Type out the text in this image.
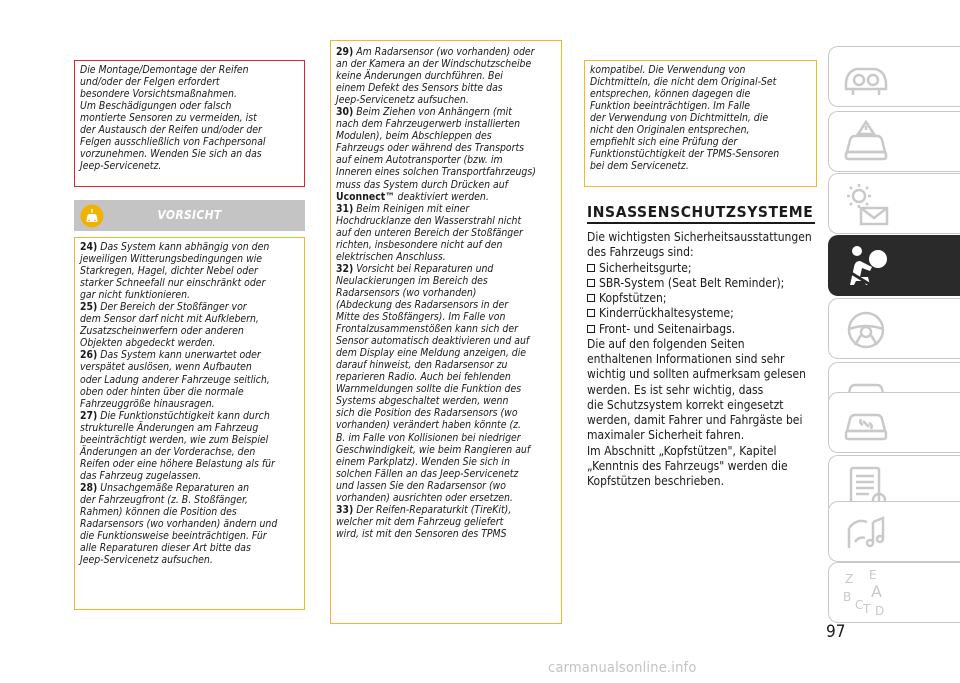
Die Montage/Demontage der Reifen
und/oder der Felgen erfordert
besondere Vorsichtsmaßnahmen.
Um Beschädigungen oder falsch
montierte Sensoren zu vermeiden, ist
der Austausch der Reifen und/oder der
Felgen ausschließlich von Fachpersonal
vorzunehmen. Wenden Sie sich an das
Jeep-Servicenetz.
VORSICHT
24) Das System kann abhängig von den
jeweiligen Witterungsbedingungen wie
Starkregen, Hagel, dichter Nebel oder
starker Schneefall nur einschränkt oder
gar nicht funktionieren.
25) Der Bereich der Stoßfänger vor
dem Sensor darf nicht mit Aufklebern,
Zusatzscheinwerfern oder anderen
Objekten abgedeckt werden.
26) Das System kann unerwartet oder
verspätet auslösen, wenn Aufbauten
oder Ladung anderer Fahrzeuge seitlich,
oben oder hinten über die normale
Fahrzeuggröße hinausragen.
27) Die Funktionstüchtigkeit kann durch
strukturelle Änderungen am Fahrzeug
beeinträchtigt werden, wie zum Beispiel
Änderungen an der Vorderachse, den
Reifen oder eine höhere Belastung als für
das Fahrzeug zugelassen.
28) Unsachgemäße Reparaturen an
der Fahrzeugfront (z. B. Stoßfänger,
Rahmen) können die Position des
Radarsensors (wo vorhanden) ändern und
die Funktionsweise beeinträchtigen. Für
alle Reparaturen dieser Art bitte das
Jeep-Servicenetz aufsuchen.
29) Am Radarsensor (wo vorhanden) oder
an der Kamera an der Windschutzscheibe
keine Änderungen durchführen. Bei
einem Defekt des Sensors bitte das
Jeep-Servicenetz aufsuchen.
30) Beim Ziehen von Anhängern (mit
nach dem Fahrzeugerwerb installierten
Modulen), beim Abschleppen des
Fahrzeugs oder während des Transports
auf einem Autotransporter (bzw. im
Inneren eines solchen Transportfahrzeugs)
muss das System durch Drücken auf
Uconnect™ deaktiviert werden.
31) Beim Reinigen mit einer
Hochdrucklanze den Wasserstrahl nicht
auf den unteren Bereich der Stoßfänger
richten, insbesondere nicht auf den
elektrischen Anschluss.
32) Vorsicht bei Reparaturen und
Neulackierungen im Bereich des
Radarsensors (wo vorhanden)
(Abdeckung des Radarsensors in der
Mitte des Stoßfängers). Im Falle von
Frontalzusammenstößen kann sich der
Sensor automatisch deaktivieren und auf
dem Display eine Meldung anzeigen, die
darauf hinweist, den Radarsensor zu
reparieren Radio. Auch bei fehlenden
Warnmeldungen sollte die Funktion des
Systems abgeschaltet werden, wenn
sich die Position des Radarsensors (wo
vorhanden) verändert haben könnte (z.
B. im Falle von Kollisionen bei niedriger
Geschwindigkeit, wie beim Rangieren auf
einem Parkplatz). Wenden Sie sich in
solchen Fällen an das Jeep-Servicenetz
und lassen Sie den Radarsensor (wo
vorhanden) ausrichten oder ersetzen.
33) Der Reifen-Reparaturkit (TireKit),
welcher mit dem Fahrzeug geliefert
wird, ist mit den Sensoren des TPMS
kompatibel. Die Verwendung von
Dichtmitteln, die nicht dem Original-Set
entsprechen, können dagegen die
Funktion beeinträchtigen. Im Falle
der Verwendung von Dichtmitteln, die
nicht den Originalen entsprechen,
empfiehlt sich eine Prüfung der
Funktionstüchtigkeit der TPMS-Sensoren
bei dem Servicenetz.
INSASSENSCHUTZSYSTEME
Die wichtigsten Sicherheitsausstattungen
des Fahrzeugs sind:
Sicherheitsgurte;
SBR-System (Seat Belt Reminder);
Kopfstützen;
Kinderrückhaltesysteme;
Front- und Seitenairbags.
Die auf den folgenden Seiten
enthaltenen Informationen sind sehr
wichtig und sollten aufmerksam gelesen
werden. Es ist sehr wichtig, dass
die Schutzsystem korrekt eingesetzt
werden, damit Fahrer und Fahrgäste bei
maximaler Sicherheit fahren.
Im Abschnitt „Kopfstützen", Kapitel
„Kenntnis des Fahrzeugs" werden die
Kopfstützen beschrieben.
Z E
B A
C T D
97
carmanualsonline.info
